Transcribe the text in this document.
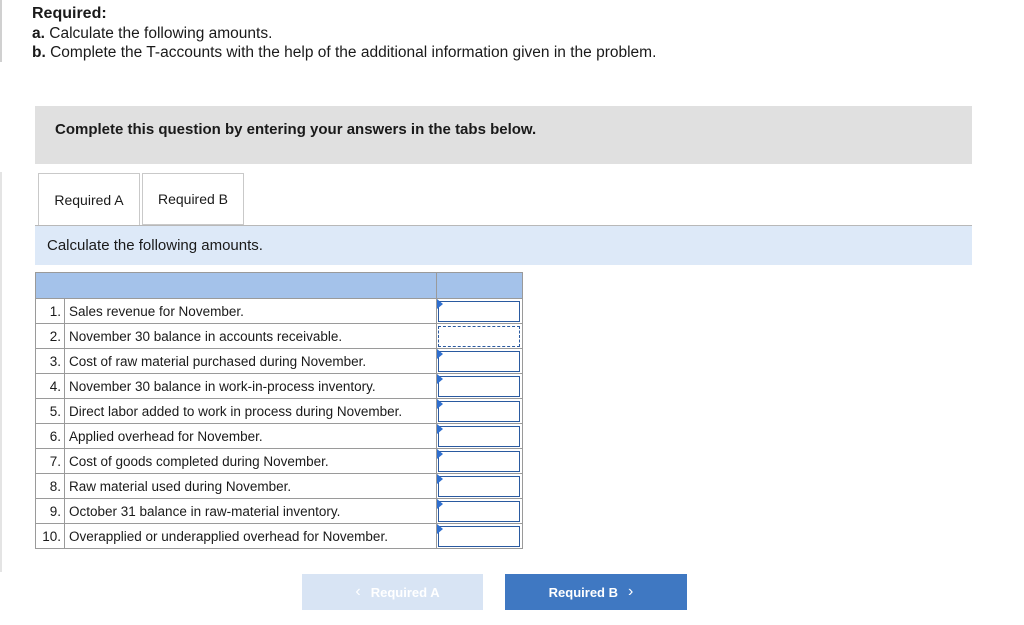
Required:
a. Calculate the following amounts.
b. Complete the T-accounts with the help of the additional information given in the problem.
Complete this question by entering your answers in the tabs below.
Required A Required B
Calculate the following amounts.

1.	Sales revenue for November.	

2.	November 30 balance in accounts receivable.	

3.	Cost of raw material purchased during November.	

4.	November 30 balance in work-in-process inventory.	

5.	Direct labor added to work in process during November.	

6.	Applied overhead for November.	

7.	Cost of goods completed during November.	

8.	Raw material used during November.	

9.	October 31 balance in raw-material inventory.	

10.	Overapplied or underapplied overhead for November.	
‹ Required A	Required B ›
